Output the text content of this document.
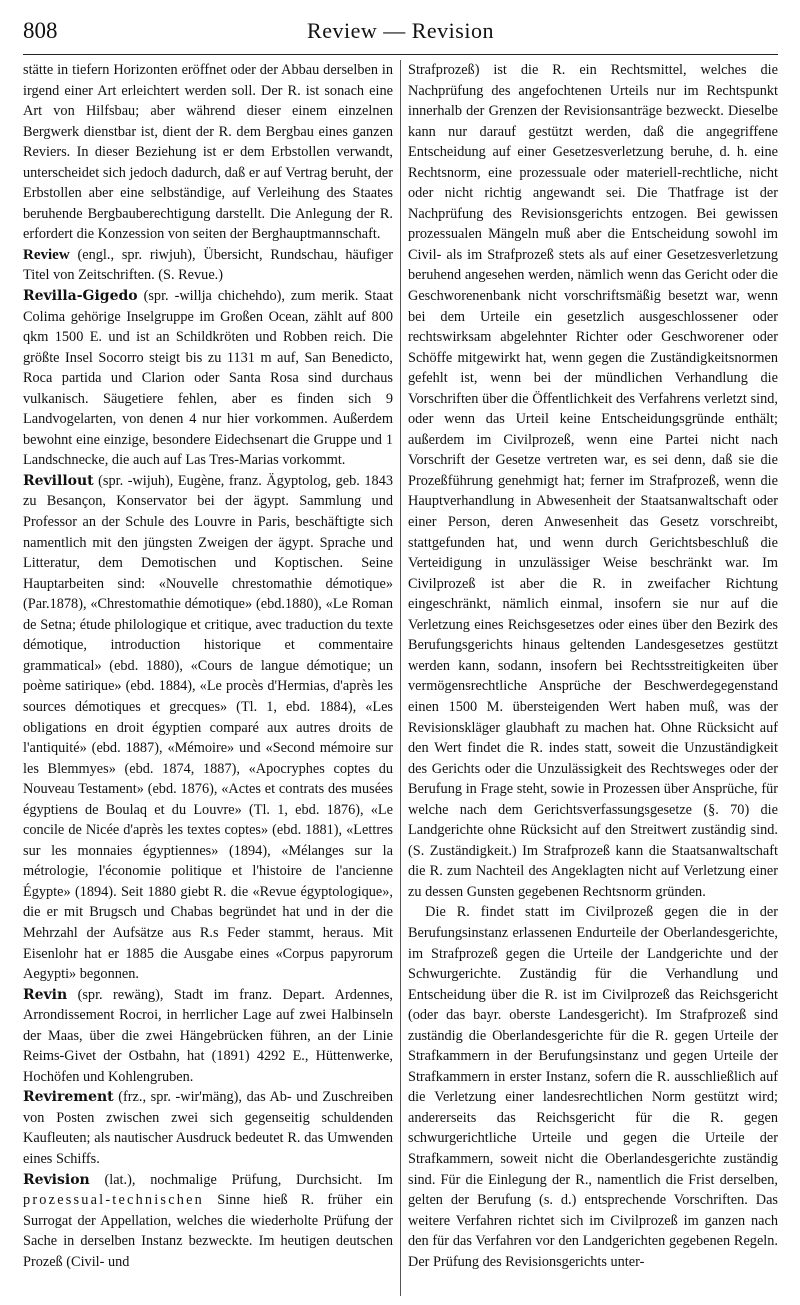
808	Review — Revision

stätte in tiefern Horizonten eröffnet oder der Abbau derselben in irgend einer Art erleichtert werden soll. Der R. ist sonach eine Art von Hilfsbau; aber während dieser einem einzelnen Bergwerk dienstbar ist, dient der R. dem Bergbau eines ganzen Reviers. In dieser Beziehung ist er dem Erbstollen verwandt, unterscheidet sich jedoch dadurch, daß er auf Vertrag beruht, der Erbstollen aber eine selbständige, auf Verleihung des Staates beruhende Bergbauberechtigung darstellt. Die Anlegung der R. erfordert die Konzession von seiten der Berghauptmannschaft.

Review (engl., spr. riwjuh), Übersicht, Rundschau, häufiger Titel von Zeitschriften. (S. Revue.)

Revilla-Gigedo (spr. -willja chichehdo), zum merik. Staat Colima gehörige Inselgruppe im Großen Ocean, zählt auf 800 qkm 1500 E. und ist an Schildkröten und Robben reich. Die größte Insel Socorro steigt bis zu 1131 m auf, San Benedicto, Roca partida und Clarion oder Santa Rosa sind durchaus vulkanisch. Säugetiere fehlen, aber es finden sich 9 Landvogelarten, von denen 4 nur hier vorkommen. Außerdem bewohnt eine einzige, besondere Eidechsenart die Gruppe und 1 Landschnecke, die auch auf Las Tres-Marias vorkommt.

Revillout (spr. -wijuh), Eugène, franz. Ägyptolog, geb. 1843 zu Besançon, Konservator bei der ägypt. Sammlung und Professor an der Schule des Louvre in Paris, beschäftigte sich namentlich mit den jüngsten Zweigen der ägypt. Sprache und Litteratur, dem Demotischen und Koptischen. Seine Hauptarbeiten sind: «Nouvelle chrestomathie démotique» (Par.1878), «Chrestomathie démotique» (ebd.1880), «Le Roman de Setna; étude philologique et critique, avec traduction du texte démotique, introduction historique et commentaire grammatical» (ebd. 1880), «Cours de langue démotique; un poème satirique» (ebd. 1884), «Le procès d'Hermias, d'après les sources démotiques et grecques» (Tl. 1, ebd. 1884), «Les obligations en droit égyptien comparé aux autres droits de l'antiquité» (ebd. 1887), «Mémoire» und «Second mémoire sur les Blemmyes» (ebd. 1874, 1887), «Apocryphes coptes du Nouveau Testament» (ebd. 1876), «Actes et contrats des musées égyptiens de Boulaq et du Louvre» (Tl. 1, ebd. 1876), «Le concile de Nicée d'après les textes coptes» (ebd. 1881), «Lettres sur les monnaies égyptiennes» (1894), «Mélanges sur la métrologie, l'économie politique et l'histoire de l'ancienne Égypte» (1894). Seit 1880 giebt R. die «Revue égyptologique», die er mit Brugsch und Chabas begründet hat und in der die Mehrzahl der Aufsätze aus R.s Feder stammt, heraus. Mit Eisenlohr hat er 1885 die Ausgabe eines «Corpus papyrorum Aegypti» begonnen.

Revin (spr. rewäng), Stadt im franz. Depart. Ardennes, Arrondissement Rocroi, in herrlicher Lage auf zwei Halbinseln der Maas, über die zwei Hängebrücken führen, an der Linie Reims-Givet der Ostbahn, hat (1891) 4292 E., Hüttenwerke, Hochöfen und Kohlengruben.

Revirement (frz., spr. -wir'mäng), das Ab- und Zuschreiben von Posten zwischen zwei sich gegenseitig schuldenden Kaufleuten; als nautischer Ausdruck bedeutet R. das Umwenden eines Schiffs.

Revision (lat.), nochmalige Prüfung, Durchsicht. Im prozessual-technischen Sinne hieß R. früher ein Surrogat der Appellation, welches die wiederholte Prüfung der Sache in derselben Instanz bezweckte. Im heutigen deutschen Prozeß (Civil- und

Strafprozeß) ist die R. ein Rechtsmittel, welches die Nachprüfung des angefochtenen Urteils nur im Rechtspunkt innerhalb der Grenzen der Revisionsanträge bezweckt. Dieselbe kann nur darauf gestützt werden, daß die angegriffene Entscheidung auf einer Gesetzesverletzung beruhe, d. h. eine Rechtsnorm, eine prozessuale oder materiell-rechtliche, nicht oder nicht richtig angewandt sei. Die Thatfrage ist der Nachprüfung des Revisionsgerichts entzogen. Bei gewissen prozessualen Mängeln muß aber die Entscheidung sowohl im Civil- als im Strafprozeß stets als auf einer Gesetzesverletzung beruhend angesehen werden, nämlich wenn das Gericht oder die Geschworenenbank nicht vorschriftsmäßig besetzt war, wenn bei dem Urteile ein gesetzlich ausgeschlossener oder rechtswirksam abgelehnter Richter oder Geschworener oder Schöffe mitgewirkt hat, wenn gegen die Zuständigkeitsnormen gefehlt ist, wenn bei der mündlichen Verhandlung die Vorschriften über die Öffentlichkeit des Verfahrens verletzt sind, oder wenn das Urteil keine Entscheidungsgründe enthält; außerdem im Civilprozeß, wenn eine Partei nicht nach Vorschrift der Gesetze vertreten war, es sei denn, daß sie die Prozeßführung genehmigt hat; ferner im Strafprozeß, wenn die Hauptverhandlung in Abwesenheit der Staatsanwaltschaft oder einer Person, deren Anwesenheit das Gesetz vorschreibt, stattgefunden hat, und wenn durch Gerichtsbeschluß die Verteidigung in unzulässiger Weise beschränkt war. Im Civilprozeß ist aber die R. in zweifacher Richtung eingeschränkt, nämlich einmal, insofern sie nur auf die Verletzung eines Reichsgesetzes oder eines über den Bezirk des Berufungsgerichts hinaus geltenden Landesgesetzes gestützt werden kann, sodann, insofern bei Rechtsstreitigkeiten über vermögensrechtliche Ansprüche der Beschwerdegegenstand einen 1500 M. übersteigenden Wert haben muß, was der Revisionskläger glaubhaft zu machen hat. Ohne Rücksicht auf den Wert findet die R. indes statt, soweit die Unzuständigkeit des Gerichts oder die Unzulässigkeit des Rechtsweges oder der Berufung in Frage steht, sowie in Prozessen über Ansprüche, für welche nach dem Gerichtsverfassungsgesetze (§. 70) die Landgerichte ohne Rücksicht auf den Streitwert zuständig sind. (S. Zuständigkeit.) Im Strafprozeß kann die Staatsanwaltschaft die R. zum Nachteil des Angeklagten nicht auf Verletzung einer zu dessen Gunsten gegebenen Rechtsnorm gründen.

Die R. findet statt im Civilprozeß gegen die in der Berufungsinstanz erlassenen Endurteile der Oberlandesgerichte, im Strafprozeß gegen die Urteile der Landgerichte und der Schwurgerichte. Zuständig für die Verhandlung und Entscheidung über die R. ist im Civilprozeß das Reichsgericht (oder das bayr. oberste Landesgericht). Im Strafprozeß sind zuständig die Oberlandesgerichte für die R. gegen Urteile der Strafkammern in der Berufungsinstanz und gegen Urteile der Strafkammern in erster Instanz, sofern die R. ausschließlich auf die Verletzung einer landesrechtlichen Norm gestützt wird; andererseits das Reichsgericht für die R. gegen schwurgerichtliche Urteile und gegen die Urteile der Strafkammern, soweit nicht die Oberlandesgerichte zuständig sind. Für die Einlegung der R., namentlich die Frist derselben, gelten der Berufung (s. d.) entsprechende Vorschriften. Das weitere Verfahren richtet sich im Civilprozeß im ganzen nach den für das Verfahren vor den Landgerichten gegebenen Regeln. Der Prüfung des Revisionsgerichts unter-
